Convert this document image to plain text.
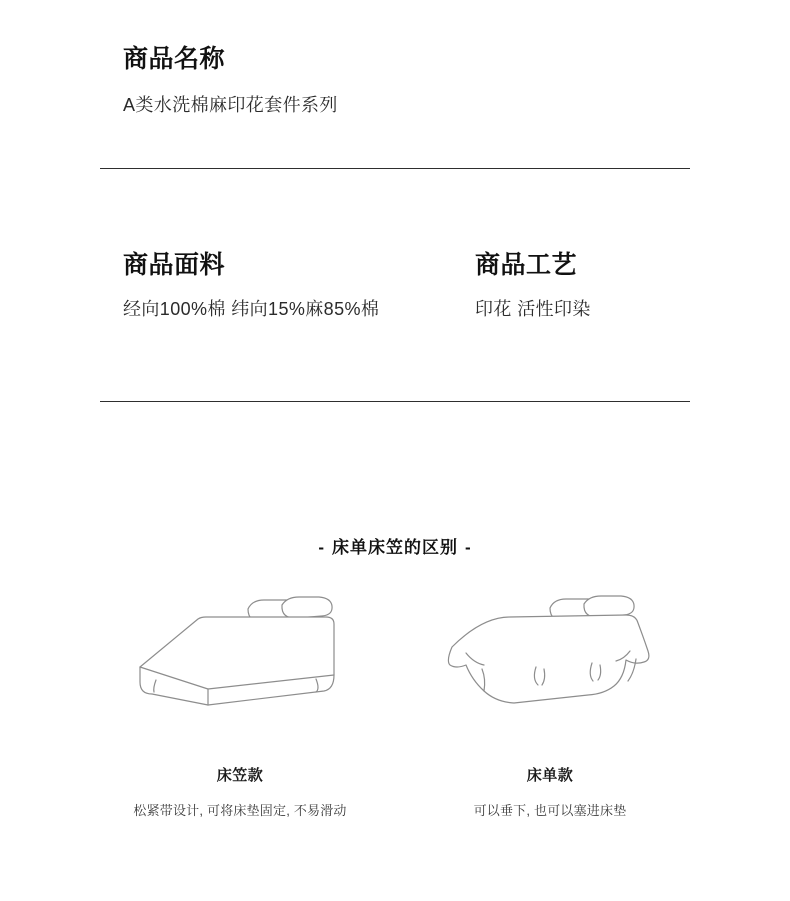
商品名称
A类水洗棉麻印花套件系列
商品面料
经向100%棉 纬向15%麻85%棉
商品工艺
印花 活性印染
- 床单床笠的区别 -
床笠款
松紧带设计, 可将床垫固定, 不易滑动
床单款
可以垂下, 也可以塞进床垫
